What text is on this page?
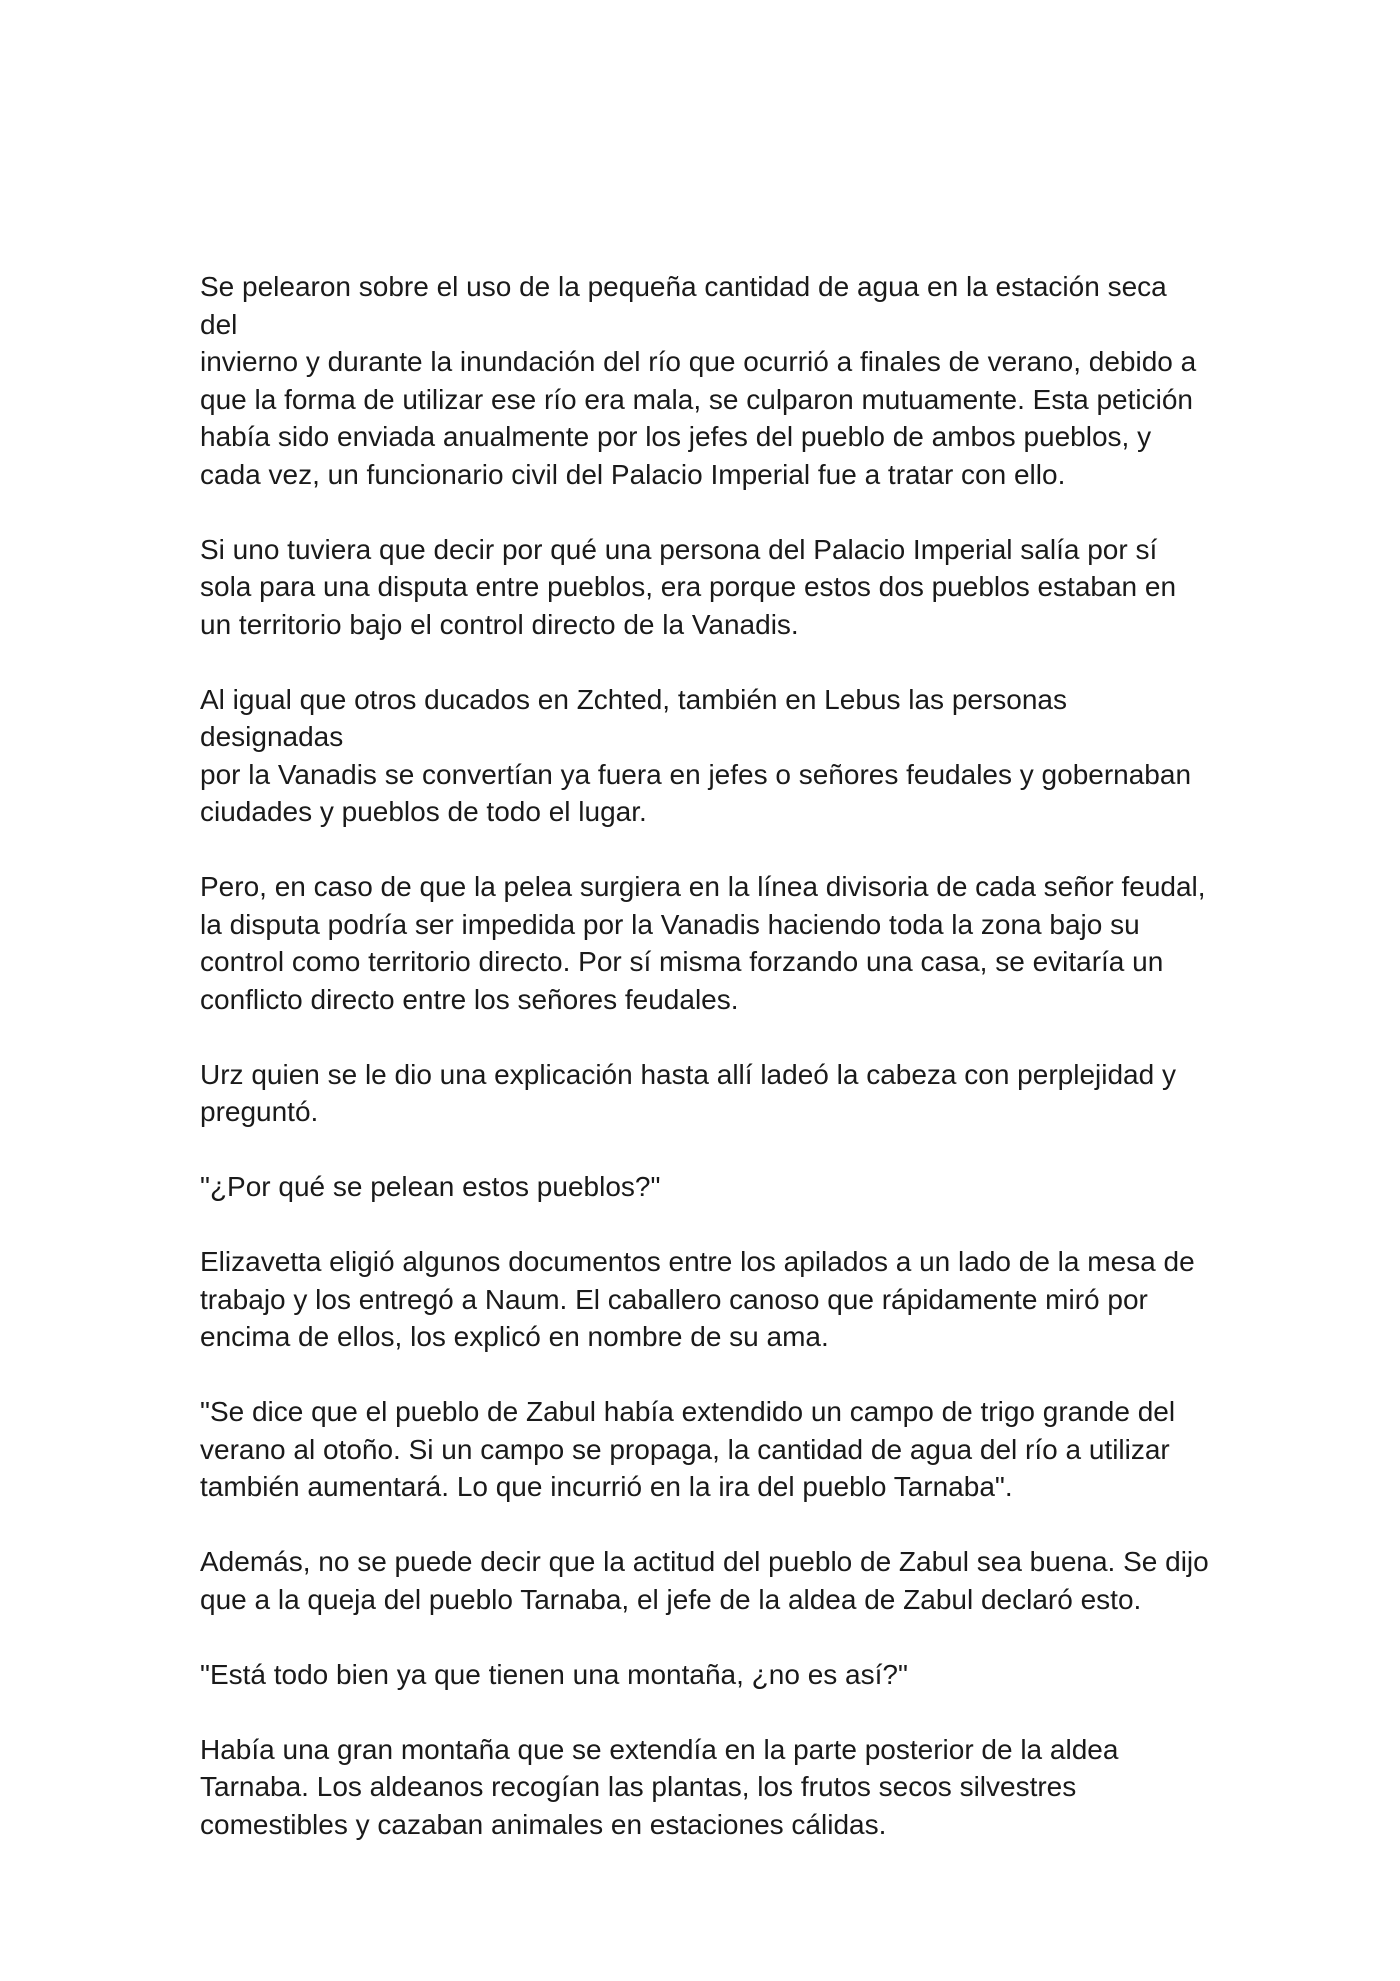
Se pelearon sobre el uso de la pequeña cantidad de agua en la estación seca del
invierno y durante la inundación del río que ocurrió a finales de verano, debido a
que la forma de utilizar ese río era mala, se culparon mutuamente. Esta petición
había sido enviada anualmente por los jefes del pueblo de ambos pueblos, y
cada vez, un funcionario civil del Palacio Imperial fue a tratar con ello.

Si uno tuviera que decir por qué una persona del Palacio Imperial salía por sí
sola para una disputa entre pueblos, era porque estos dos pueblos estaban en
un territorio bajo el control directo de la Vanadis.

Al igual que otros ducados en Zchted, también en Lebus las personas designadas
por la Vanadis se convertían ya fuera en jefes o señores feudales y gobernaban
ciudades y pueblos de todo el lugar.

Pero, en caso de que la pelea surgiera en la línea divisoria de cada señor feudal,
la disputa podría ser impedida por la Vanadis haciendo toda la zona bajo su
control como territorio directo. Por sí misma forzando una casa, se evitaría un
conflicto directo entre los señores feudales.

Urz quien se le dio una explicación hasta allí ladeó la cabeza con perplejidad y
preguntó.

"¿Por qué se pelean estos pueblos?"

Elizavetta eligió algunos documentos entre los apilados a un lado de la mesa de
trabajo y los entregó a Naum. El caballero canoso que rápidamente miró por
encima de ellos, los explicó en nombre de su ama.

"Se dice que el pueblo de Zabul había extendido un campo de trigo grande del
verano al otoño. Si un campo se propaga, la cantidad de agua del río a utilizar
también aumentará. Lo que incurrió en la ira del pueblo Tarnaba".

Además, no se puede decir que la actitud del pueblo de Zabul sea buena. Se dijo
que a la queja del pueblo Tarnaba, el jefe de la aldea de Zabul declaró esto.

"Está todo bien ya que tienen una montaña, ¿no es así?"

Había una gran montaña que se extendía en la parte posterior de la aldea
Tarnaba. Los aldeanos recogían las plantas, los frutos secos silvestres
comestibles y cazaban animales en estaciones cálidas.
